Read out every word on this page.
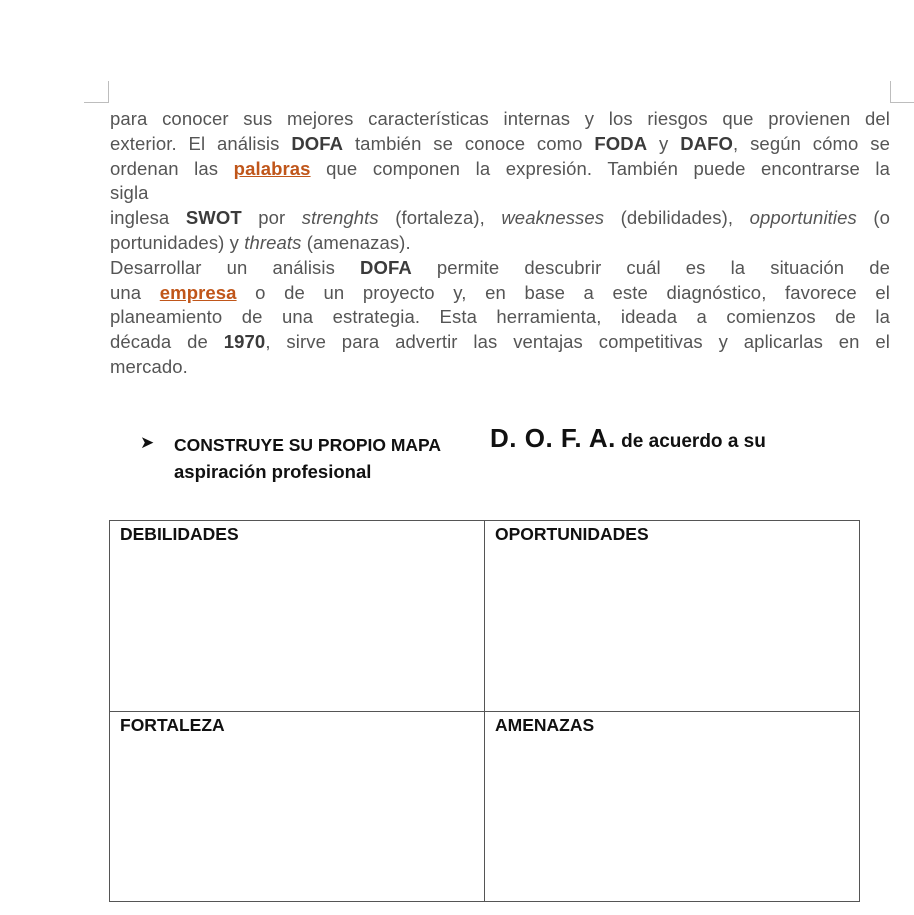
para conocer sus mejores características internas y los riesgos que provienen del

exterior. El análisis DOFA también se conoce como FODA y DAFO, según cómo se

ordenan las palabras que componen la expresión. También puede encontrarse la

sigla

inglesa SWOT por strenghts (fortaleza), weaknesses (debilidades), opportunities (o

portunidades) y threats (amenazas).

Desarrollar un análisis DOFA permite descubrir cuál es la situación de

una empresa o de un proyecto y, en base a este diagnóstico, favorece el

planeamiento de una estrategia. Esta herramienta, ideada a comienzos de la

década de 1970, sirve para advertir las ventajas competitivas y aplicarlas en el

mercado.

➤ CONSTRUYE SU PROPIO MAPA D. O. F. A. de acuerdo a su
aspiración profesional
DEBILIDADES	OPORTUNIDADES
FORTALEZA	AMENAZAS
